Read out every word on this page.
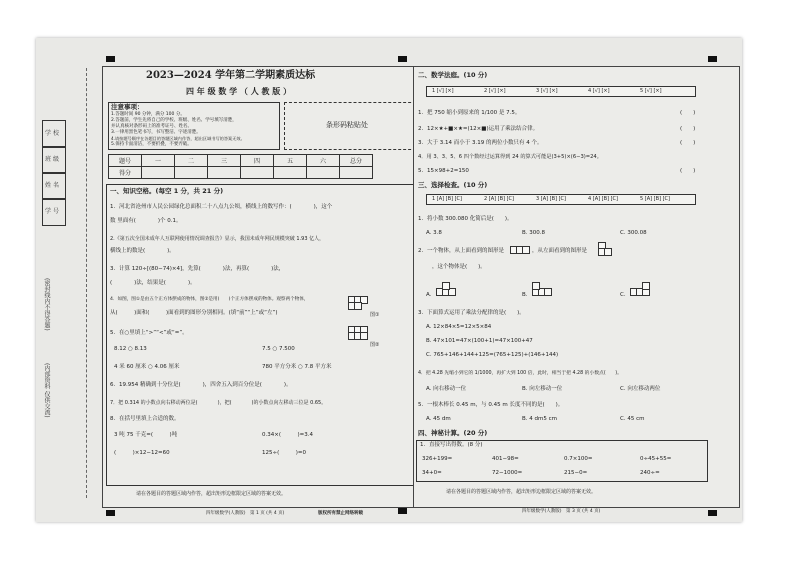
学 校
班 级
姓 名
学 号
(密封线内不得答题)
(内部资料 仅供交流)
2023—2024 学年第二学期素质达标
四 年 级 数 学 （ 人 教 版 ）
注意事项：
1.答题时间 90 分钟，满分 100 分。
2.答题前，学生先将自己的学校、班级、姓名、学号填写清楚，
并认真核对条形码上的准考证号、姓名。
3.一律用黑色笔书写，书写整洁、字迹清楚。
4.请按题号顺序在各题目的答题区域内作答，超出区域书写的答案无效。
5.保持卡面清洁，不要折叠，不要弄破。
条形码粘贴处
题号	一	二	三	四	五	六	总分
得分							
一、知识空格。(每空 1 分，共 21 分)
1．河北省沧州市人民公园绿化总面积二十八点九公顷，横线上的数写作：(　　　　)，这个
数 里面有(　　　　)个 0.1。
2.《第五次全国未成年人互联网使用情况调查报告》显示，我国未成年网民规模突破 1.93 亿人，
横线上的数是(　　　　)。
3．计算 120÷[(80−74)×4]，先算(　　　　)法，再算(　　　　)法，
(　　　　)法，结果是(　　　　)。
4．如图，图①是由五个正方体摆成的物体，图②是用(　　)个正方体摆成的物体。观察两个物体，
从(　　　)面和(　　　)面看到的图形分别相同。(填“前”“上”或“左”)	图①
图②
5．在○里填上“>”“<”或“=”。
8.12 ○ 8.13	7.5 ○ 7.500
4 米 60 厘米 ○ 4.06 厘米	780 平方分米 ○ 7.8 平方米
6．19.954 精确到十分位是(　　　　)，四舍五入到百分位是(　　　　)。
7．把 0.314 的小数点向右移动两位是(　　　　)，把(　　　　)的小数点向左移动三位是 0.65。
8．在括号里填上合适的数。
3 吨 75 千克=(　　　)吨	0.34×(　　　)=3.4
(　　　)×12−12=60	125÷(　　　)=0
请在各题目的答题区域内作答，超出矩形边框限定区域的答案无效。
四年级数学(人教版)　第 1 页 (共 4 页)	版权所有禁止网络转载
二、数学法庭。(10 分)
1 [√] [×]	2 [√] [×]	3 [√] [×]	4 [√] [×]	5 [√] [×]
1．把 750 缩小到原来的 1/100 是 7.5。	(　　)
2．12×★+■×★=(12×■)运用了乘法结合律。	(　　)
3．大于 3.14 而小于 3.19 的两位小数只有 4 个。	(　　)
4．用 3、3、5、6 四个数经过运算得到 24 的算式可能是(3+5)×(6−3)=24。
5．15×98+2=150	(　　)
三、选择检查。(10 分)
1 [A] [B] [C]	2 [A] [B] [C]	3 [A] [B] [C]	4 [A] [B] [C]	5 [A] [B] [C]
1．将小数 300.080 化简后是(　　)。
A. 3.8	B. 300.8	C. 300.08
2．一个物体，从上面看到的图形是	，从左面看到的图形是
，这个物体是(　　)。
A.	B.	C.
3．下面算式运用了乘法分配律的是(　　)。
A. 12×84×5=12×5×84
B. 47×101=47×(100+1)=47×100+47
C. 765+146+144+125=(765+125)+(146+144)
4．把 4.28 先缩小到它的 1/1000，再扩大到 100 倍，此时，相当于把 4.28 的小数点(　　)。
A. 向右移动一位	B. 向左移动一位	C. 向左移动两位
5．一根木棒长 0.45 m，与 0.45 m 长度不同的是(　　)。
A. 45 dm	B. 4 dm5 cm	C. 45 cm
四、神秘计算。(20 分)
1．直接写出得数。(8 分)
326+199=	401−98=	0.7×100=	0÷45+55=
34+0=	72−1000=	215−0=	240÷=
请在各题目的答题区域内作答，超出矩形边框限定区域的答案无效。
四年级数学(人教版)　第 3 页 (共 4 页)
